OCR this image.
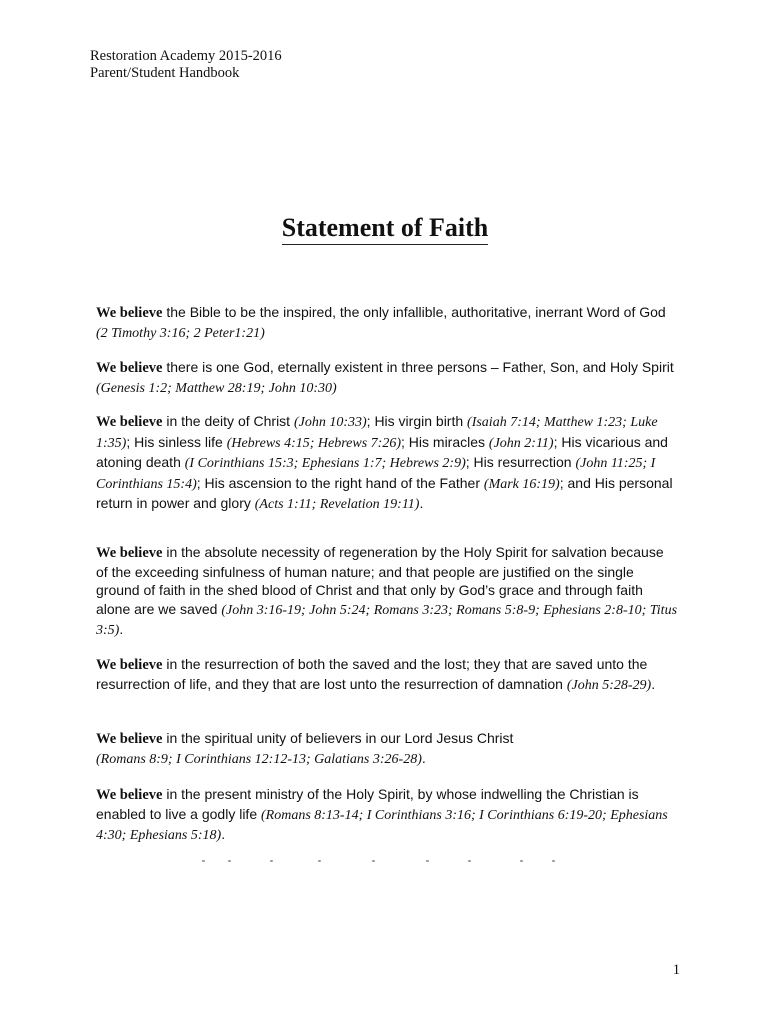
Restoration Academy 2015-2016
Parent/Student Handbook
Statement of Faith
We believe the Bible to be the inspired, the only infallible, authoritative, inerrant Word of God (2 Timothy 3:16; 2 Peter1:21)
We believe there is one God, eternally existent in three persons – Father, Son, and Holy Spirit (Genesis 1:2; Matthew 28:19; John 10:30)
We believe in the deity of Christ (John 10:33); His virgin birth (Isaiah 7:14; Matthew 1:23; Luke 1:35); His sinless life (Hebrews 4:15; Hebrews 7:26); His miracles (John 2:11); His vicarious and atoning death (I Corinthians 15:3; Ephesians 1:7; Hebrews 2:9); His resurrection (John 11:25; I Corinthians 15:4); His ascension to the right hand of the Father (Mark 16:19); and His personal return in power and glory (Acts 1:11; Revelation 19:11).
We believe in the absolute necessity of regeneration by the Holy Spirit for salvation because of the exceeding sinfulness of human nature; and that people are justified on the single ground of faith in the shed blood of Christ and that only by God’s grace and through faith alone are we saved (John 3:16-19; John 5:24; Romans 3:23; Romans 5:8-9; Ephesians 2:8-10; Titus 3:5).
We believe in the resurrection of both the saved and the lost; they that are saved unto the resurrection of life, and they that are lost unto the resurrection of damnation (John 5:28-29).
We believe in the spiritual unity of believers in our Lord Jesus Christ
(Romans 8:9; I Corinthians 12:12-13; Galatians 3:26-28).
We believe in the present ministry of the Holy Spirit, by whose indwelling the Christian is enabled to live a godly life (Romans 8:13-14; I Corinthians 3:16; I Corinthians 6:19-20; Ephesians 4:30; Ephesians 5:18).
1
